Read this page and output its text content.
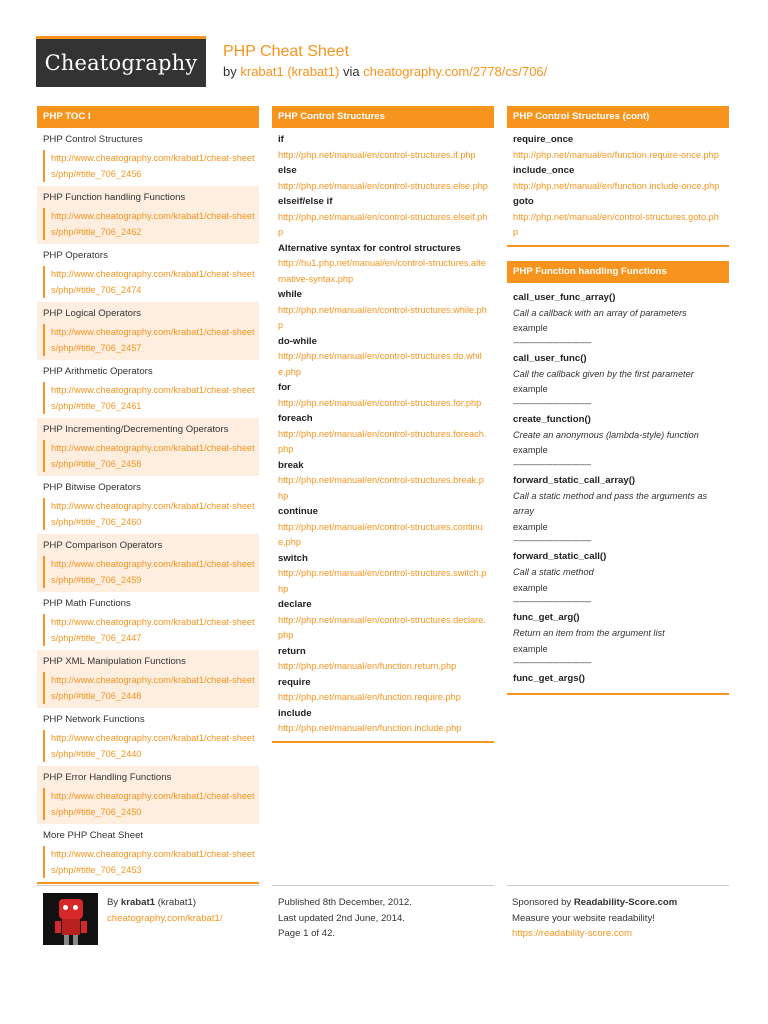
Cheatography PHP Cheat Sheet
by krabat1 (krabat1) via cheatography.com/2778/cs/706/
PHP TOC I
PHP Control Structures
http://www.cheatography.com/krabat1/cheat-sheets/php/#title_706_2456
PHP Function handling Functions
http://www.cheatography.com/krabat1/cheat-sheets/php/#title_706_2462
PHP Operators
http://www.cheatography.com/krabat1/cheat-sheets/php/#title_706_2474
PHP Logical Operators
http://www.cheatography.com/krabat1/cheat-sheets/php/#title_706_2457
PHP Arithmetic Operators
http://www.cheatography.com/krabat1/cheat-sheets/php/#title_706_2461
PHP Incrementing/Decrementing Operators
http://www.cheatography.com/krabat1/cheat-sheets/php/#title_706_2458
PHP Bitwise Operators
http://www.cheatography.com/krabat1/cheat-sheets/php/#title_706_2460
PHP Comparison Operators
http://www.cheatography.com/krabat1/cheat-sheets/php/#title_706_2459
PHP Math Functions
http://www.cheatography.com/krabat1/cheat-sheets/php/#title_706_2447
PHP XML Manipulation Functions
http://www.cheatography.com/krabat1/cheat-sheets/php/#title_706_2448
PHP Network Functions
http://www.cheatography.com/krabat1/cheat-sheets/php/#title_706_2440
PHP Error Handling Functions
http://www.cheatography.com/krabat1/cheat-sheets/php/#title_706_2450
More PHP Cheat Sheet
http://www.cheatography.com/krabat1/cheat-sheets/php/#title_706_2453
PHP Control Structures
if
http://php.net/manual/en/control-structures.if.php
else
http://php.net/manual/en/control-structures.else.php
elseif/else if
http://php.net/manual/en/control-structures.elseif.php
Alternative syntax for control structures
http://hu1.php.net/manual/en/control-structures.alternative-syntax.php
while
http://php.net/manual/en/control-structures.while.php
do-while
http://php.net/manual/en/control-structures.do.while.php
for
http://php.net/manual/en/control-structures.for.php
foreach
http://php.net/manual/en/control-structures.foreach.php
break
http://php.net/manual/en/control-structures.break.php
continue
http://php.net/manual/en/control-structures.continue.php
switch
http://php.net/manual/en/control-structures.switch.php
declare
http://php.net/manual/en/control-structures.declare.php
return
http://php.net/manual/en/function.return.php
require
http://php.net/manual/en/function.require.php
include
http://php.net/manual/en/function.include.php
PHP Control Structures (cont)
require_once
http://php.net/manual/en/function.require-once.php
include_once
http://php.net/manual/en/function.include-once.php
goto
http://php.net/manual/en/control-structures.goto.php
PHP Function handling Functions
call_user_func_array()
Call a callback with an array of parameters
example
------------------------------------
call_user_func()
Call the callback given by the first parameter
example
------------------------------------
create_function()
Create an anonymous (lambda-style) function
example
------------------------------------
forward_static_call_array()
Call a static method and pass the arguments as array
example
------------------------------------
forward_static_call()
Call a static method
example
------------------------------------
func_get_arg()
Return an item from the argument list
example
------------------------------------
func_get_args()
By krabat1 (krabat1)
cheatography.com/krabat1/
Published 8th December, 2012.
Last updated 2nd June, 2014.
Page 1 of 42.
Sponsored by Readability-Score.com
Measure your website readability!
https://readability-score.com
